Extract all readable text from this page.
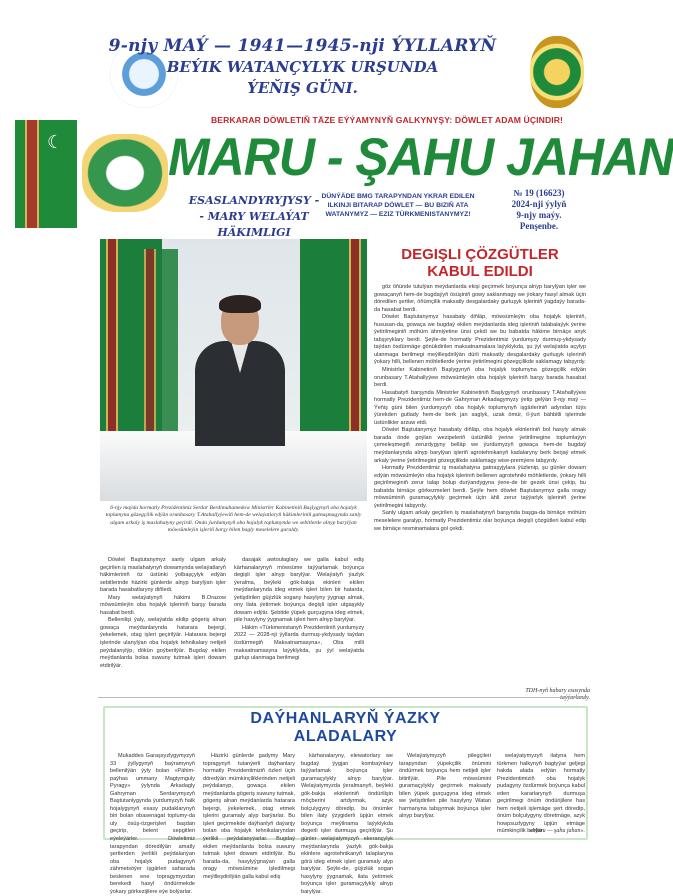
9-njy MAÝ — 1941—1945-nji ÝYLLARYŇ
BEÝIK WATANÇYLYK URŞUNDA
ÝEŇIŞ GÜNI.
BERKARAR DÖWLETIŇ TÄZE EÝÝAMYNYŇ GALKYNYŞY: DÖWLET ADAM ÜÇINDIR!
☾ MARU - ŞAHU JAHAN
ESASLANDYRYJYSY -
- MARY WELAÝAT HÄKIMLIGI
DÜNÝÄDE BMG TARAPYNDAN YKRAR EDILEN ILKINJI BITARAP DÖWLET — BU BIZIŇ ATA WATANYMYZ — EZIZ TÜRKMENISTANYMYZ!
№ 19 (16623)
2024-nji ýylyň
9-njy maýy.
Penşenbe.
6-njy maýda hormatly Prezidentimiz Serdar Berdimuhamedow Ministrler Kabinetiniň Başlygynyň oba hojalyk toplumyna gözegçilik edýän orunbasary T.Atahallyýewiň hem-de welaýatlaryň häkimleriniň gatnaşmagynda sanly ulgam arkaly iş maslahatyny geçirdi. Onda ýurdumyzyň oba hojalyk toplumynda we sebitlerde alnyp barylýan möwsümleýin işleriň barşy bilen bagly meselelere garaldy.
DEGIŞLI ÇÖZGÜTLER
KABUL EDILDI

göz öňünde tutulýan meýdanlarda ekişi geçirmek boýunça alnyp barylýan işler we gowaçanyň hem-de bugdaýyň ösüşiniň gowy saklanmagy we ýokary hasyl almak üçin döredilen şertler, öňümçilik maksatly desgalardaky gurluşyk işleriniň ýagdaýy barada-da hasabat berdi.

Döwlet Baştutanymyz hasabaty diňläp, möwsümleýin oba hojalyk işleriniň, hususan-da, gowaça we bugdaý ekilen meýdanlarda ideg işleriniň talabalaýyk ýerine ýetirilmeginiň möhüm ähmiýetine ünsi çekdi we bu babatda hâkime birnäçe anyk tabşyryklary berdi. Şeýle-de hormatly Prezidentimiz ýurdumyzy durmuş-ykdysady taýdan ösdürmäge gönükdirilen maksatnamalara laýyklykda, şu ýyl welaýatda açylyp ulanmaga berilmegi meýilleşdirilýän dürli maksatly desgalardaky gurluşyk işleriniň ýokary hilli, bellenen möhletlerde ýerine ýetirilmegini gözegçilikde saklamagy tabşyrdy.

Ministrler Kabinetiniň Başlygynyň oba hojalyk toplumyna gözegçilik edýän orunbasary T.Atahallyýew möwsümleýin oba hojalyk işleriniň barşy barada hasabat berdi.

Hasabatyň barşynda Ministrler Kabinetiniň Başlygynyň orunbasary T.Atahallyýew hormatly Prezidentimiz hem-de Gahryman Arkadagymyzy ýetip gelýän 9-njy maý — Ýeňiş güni bilen ýurdumyzyň oba hojalyk toplumynyň işgärleriniň adyndan tüýs ýürekden gutlady hem-de berk jan saglyk, uzak ömür, il-ýurt bähbitli işlerinde üstünlikler arzuw etdi.

Döwlet Baştutanymyz hasabaty diňläp, oba hojalyk ekinleriniň bol hasyly almak barada önde goýlan wezipeleriň üstünlikli ýerine ýetirilmegine toplumlaýyn çemeleşmegiň zerurdygyny belläp we ýurdumyzyň gowaça hem-de bugdaý meýdanlarynda alnyp barylýan işleriň agrotehnikanyň kadalaryny berk berjaý etmek arkaly ýerine ýetirilmegini gözegçilikde saklamagy wise-premýere tabşyrdy.

Hormatly Prezidentimiz iş maslahatyna gatnaşyjylara ýüzlenip, şu günler dowam edýän möwsümleýin oba hojalyk işleriniň bellenen agrotehniki möhletlerde, ýokary hilli geçirilmeginiň zerur talap bolup durýandygyna ýene-de bir gezek ünsi çekip, bu babatda birnäçe görkezmeleri berdi. Şeýle hem döwlet Baştutanymyz galla oragy möwsüminiň guramaçylykly geçirmek üçin ähli zerur taýýarlyk işleriniň ýerine ýetirilmegini tabşyrdy.

Sanly ulgam arkaly geçirilen iş maslahatynyň barşynda başga-da birnäçe möhüm meselelere garalyp, hormatly Prezidentimiz olar boýunça degişli çözgütleri kabul edip we birnäçe resminamalara gol çekdi.

TDH-nyň habary esasynda
taýýarlandy.

Döwlet Baştutanymyz sanly ulgam arkaly geçirilen iş maslahatynyň dowamynda welaýatlaryň häkimleriniň öz üstünki ýolbaşçylyk edýän sebitlerinde häzirki günlerde alnyp barylýan işler barada hasabatlaryny diňledi.

Mary welaýatynyň häkimi B.Orazow möwsümleýin oba hojalyk işleriniň barşy barada hasabat berdi.

Bellenilişi ýaly, welaýatda ekilip gögeriş alnan gowaça meýdanlarynda hatarara bejergi, ýekelemek, otag işleri geçirilýär. Hatarara bejergi işlerinde ulanylýan oba hojalyk tehnikalary netijeli peýdalanylýp, dökün goýberilýär. Bugdaý ekilen meýdanlarda bolsa suwuny tutmak işleri dowam etdirilýär.

dasajak awtoulaglary we galla kabul ediş kärhanalarynyň möwsüme taýýarlamak boýunça degişli işler alnyp barylýar. Welaýatyň ýazlyk ýeralma, beýleki gök-bakja ekinleri ekilen meýdanlarynda ideg etmek işleri bilen bir hatarda, ýetişdirilen güýzlük sogany hasylyny ýygnap almak, ony ilata ýetirmek boýunça degişli işler utgaşykly dowam edýär. Şebitde ýüpek gurçugyna ideg etmek, pile hasylyny ýygnamak işleri hem alnyp barylýar.

Häkim «Türkmenistanyň Prezidentiniň ýurdumyzy 2022 — 2028-nji ýyllarda durmuş-ykdysady taýdan ösdürmegiň Maksatnamasyna», Oba milli maksatnamasyna laýyklykda, şu ýyl welaýatda gurlup ulanmaga berilmegi

DAÝHANLARYŇ ÝAZKY
ALADALARY

Mukaddes Garaşsyzlygymyzyň 33 ýyllygynyň baýramynyň bellenilýän ýyly bolan «Pähim-paýhas ummany Magtymguly Pyragy» ýylynda Arkadagly Gahryman Serdarymyzyň Baştutanlygynda ýurdumyzyň halk hojalygynyň esasy pudaklarynyň biri bolan obasenagat toplumy-da uly ösüş-özgerişleri başdan geçirip, belent sepgitleri eýeleýärler. Döwletimiz tarapyndan döredilýän amatly şertlerden ýerlikli peýdalanýan oba hojalyk pudagynyň zähmetsöýer işgärleri saharada beslenen ene topragymyzdan berekedi hasyl öndürmekde ýokary görkezijilere eýe bolýarlar.

Häzirki günlerde gadymy Mary topragynyň tutanýerli daýhanlary hormatly Prezidentimiziň özleri üçin döredýän mümkinçiliklerinden netijeli peýdalanyp, gowaça ekilen meýdanlarda gögeriş suwuny tutmak, gögeriş alnan meýdanlarda hatarara bejergi, ýekelemek, otag etmek işlerini guramaly alyp barýarlar. Bu işleri geçirmekde daýhanlyň daýanjy bolan oba hojalyk tehnikalaryndan ýerlikli peýdalanyýarlar. Bugdaý ekilen meýdanlarda bolsa suwuny tutmak işleri dowam etdirilýär. Bu barada-da, hasylyýgnaýan galla oragy möwsümine işledilmegi meýilleşdirilýän galla kabul ediş

kärhanalaryny, elewatorlary we bugdaý ýygjan kombaýnlary taýýarlamak boýunça işler guramaçylykly alnyp barylýar. Welaýatymyzda ýeralmanyň, beýleki gök-bakja ekinleriniň öndürilişin möçberini artdyrmak, azyk bolçulygyny döredip, bu önümler bilen ilaty ýzygiderli üpjün etmek boýunça meýilnama laýyklykda degerli işler durmuşa geçirilýär. Şu günler welaýatymyzyň ekerançylyk meýdanlarynda ýazlyk gök-bakja ekinlere agrotehnikanyň talaplaryna görä ideg etmek işleri guramaly alyp barylýar. Şeýle-de, güýzlük sogan hasylyny ýygnamak, ilata ýetirmek boýunça işler guramaçylykly alnyp barylýar.

Welaýatymyzyň pilegçileri tarapyndan ýüpekçilik önümini öndürmek boýunça hem netijeli işler bitirilýär. Pile möwsümini guramaçylykly geçirmek maksady bilen ýüpek gurçugyna ideg etmek we ýetişdirilen pile hasylyny Watan harmanyna tabşyrmak boýunça işler alnyp barylýar.

welaýatymyzyň ilatyna hem türkmen halkynyň bagtyýar geljegi hakda alada edýän hormatly Prezidentimiziň oba hojalyk pudagyny ösdürmek boýunça kabul eden kararlarynyň durmuşa geçirilmegi önüm öndürijilere has hem netijeli işlemäge şert döredip, önüm bolçulygyny döretmäge, azyk howpsuzlygyny üpjün etmäge mümkinçilik berýär.

«Maru — şahu jahan».
